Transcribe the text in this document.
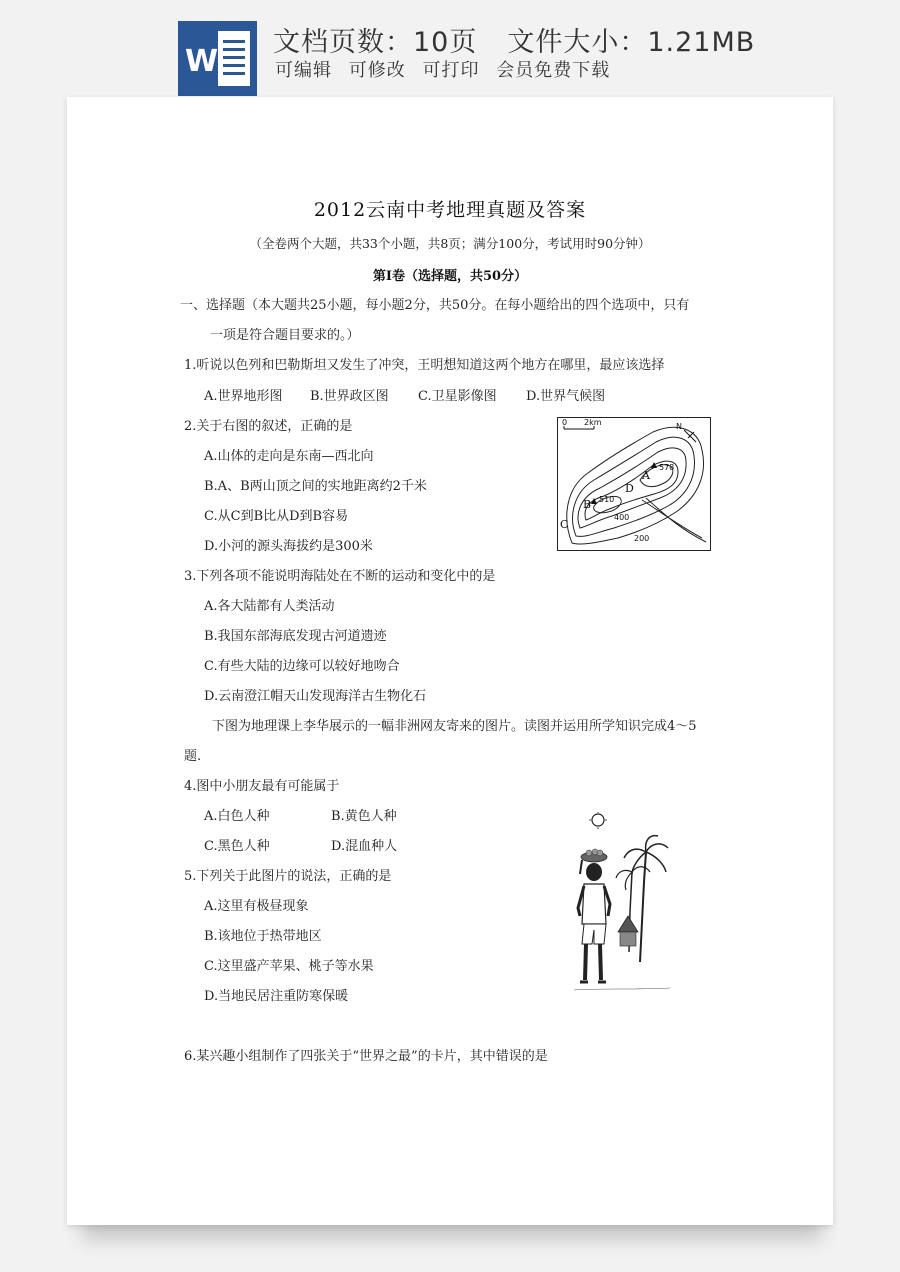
W
文档页数：10页 文件大小：1.21MB
可编辑 可修改 可打印 会员免费下载
2012云南中考地理真题及答案
（全卷两个大题，共33个小题，共8页；满分100分，考试用时90分钟）
第Ⅰ卷（选择题，共50分）
一、选择题（本大题共25小题，每小题2分，共50分。在每小题给出的四个选项中，只有
一项是符合题目要求的。）
1.听说以色列和巴勒斯坦又发生了冲突，王明想知道这两个地方在哪里，最应该选择
A.世界地形图 B.世界政区图 C.卫星影像图 D.世界气候图
2.关于右图的叙述，正确的是
A.山体的走向是东南—西北向
B.A、B两山顶之间的实地距离约2千米
C.从C到B比从D到B容易
D.小河的源头海拔约是300米
0 2km	N
578
510
400
200
A
B
C
D
3.下列各项不能说明海陆处在不断的运动和变化中的是
A.各大陆都有人类活动
B.我国东部海底发现古河道遗迹
C.有些大陆的边缘可以较好地吻合
D.云南澄江帽天山发现海洋古生物化石
下图为地理课上李华展示的一幅非洲网友寄来的图片。读图并运用所学知识完成4～5
题.
4.图中小朋友最有可能属于
A.白色人种	B.黄色人种
C.黑色人种	D.混血种人
5.下列关于此图片的说法，正确的是
A.这里有极昼现象
B.该地位于热带地区
C.这里盛产苹果、桃子等水果
D.当地民居注重防寒保暖
6.某兴趣小组制作了四张关于“世界之最”的卡片，其中错误的是
